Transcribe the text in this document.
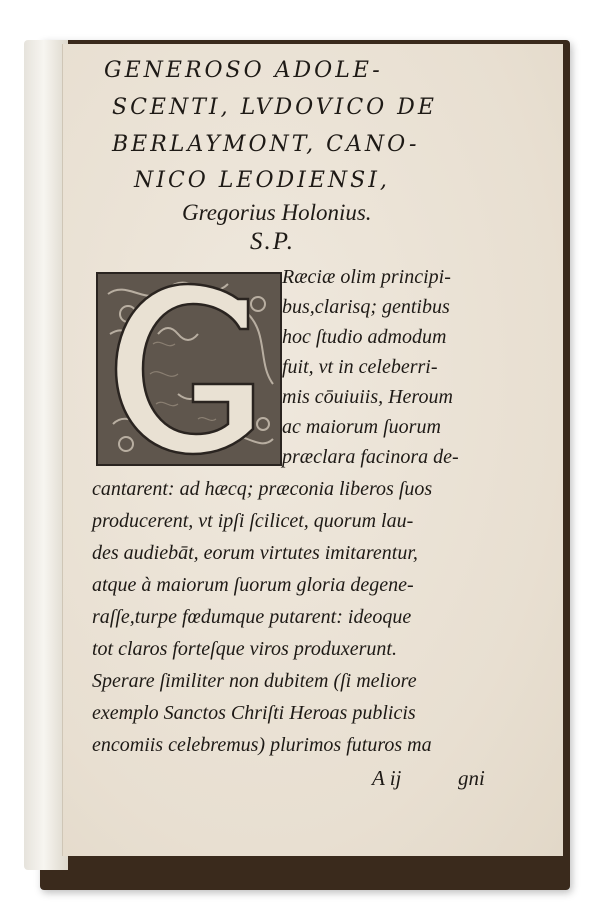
GENEROSO ADOLE-
SCENTI, LVDOVICO DE
BERLAYMONT, CANO-
NICO LEODIENSI,
Gregorius Holonius.
S.P.
Ræciæ olim principi-
bus,clarisq; gentibus
hoc ſtudio admodum
fuit, vt in celeberri-
mis cōuiuiis, Heroum
ac maiorum ſuorum
præclara facinora de-
cantarent: ad hæcq; præconia liberos ſuos
producerent, vt ipſi ſcilicet, quorum lau-
des audiebāt, eorum virtutes imitarentur,
atque à maiorum ſuorum gloria degene-
raſſe,turpe fœdumque putarent: ideoque
tot claros forteſque viros produxerunt.
Sperare ſimiliter non dubitem (ſi meliore
exemplo Sanctos Chriſti Heroas publicis
encomiis celebremus) plurimos futuros ma
A ij	gni
